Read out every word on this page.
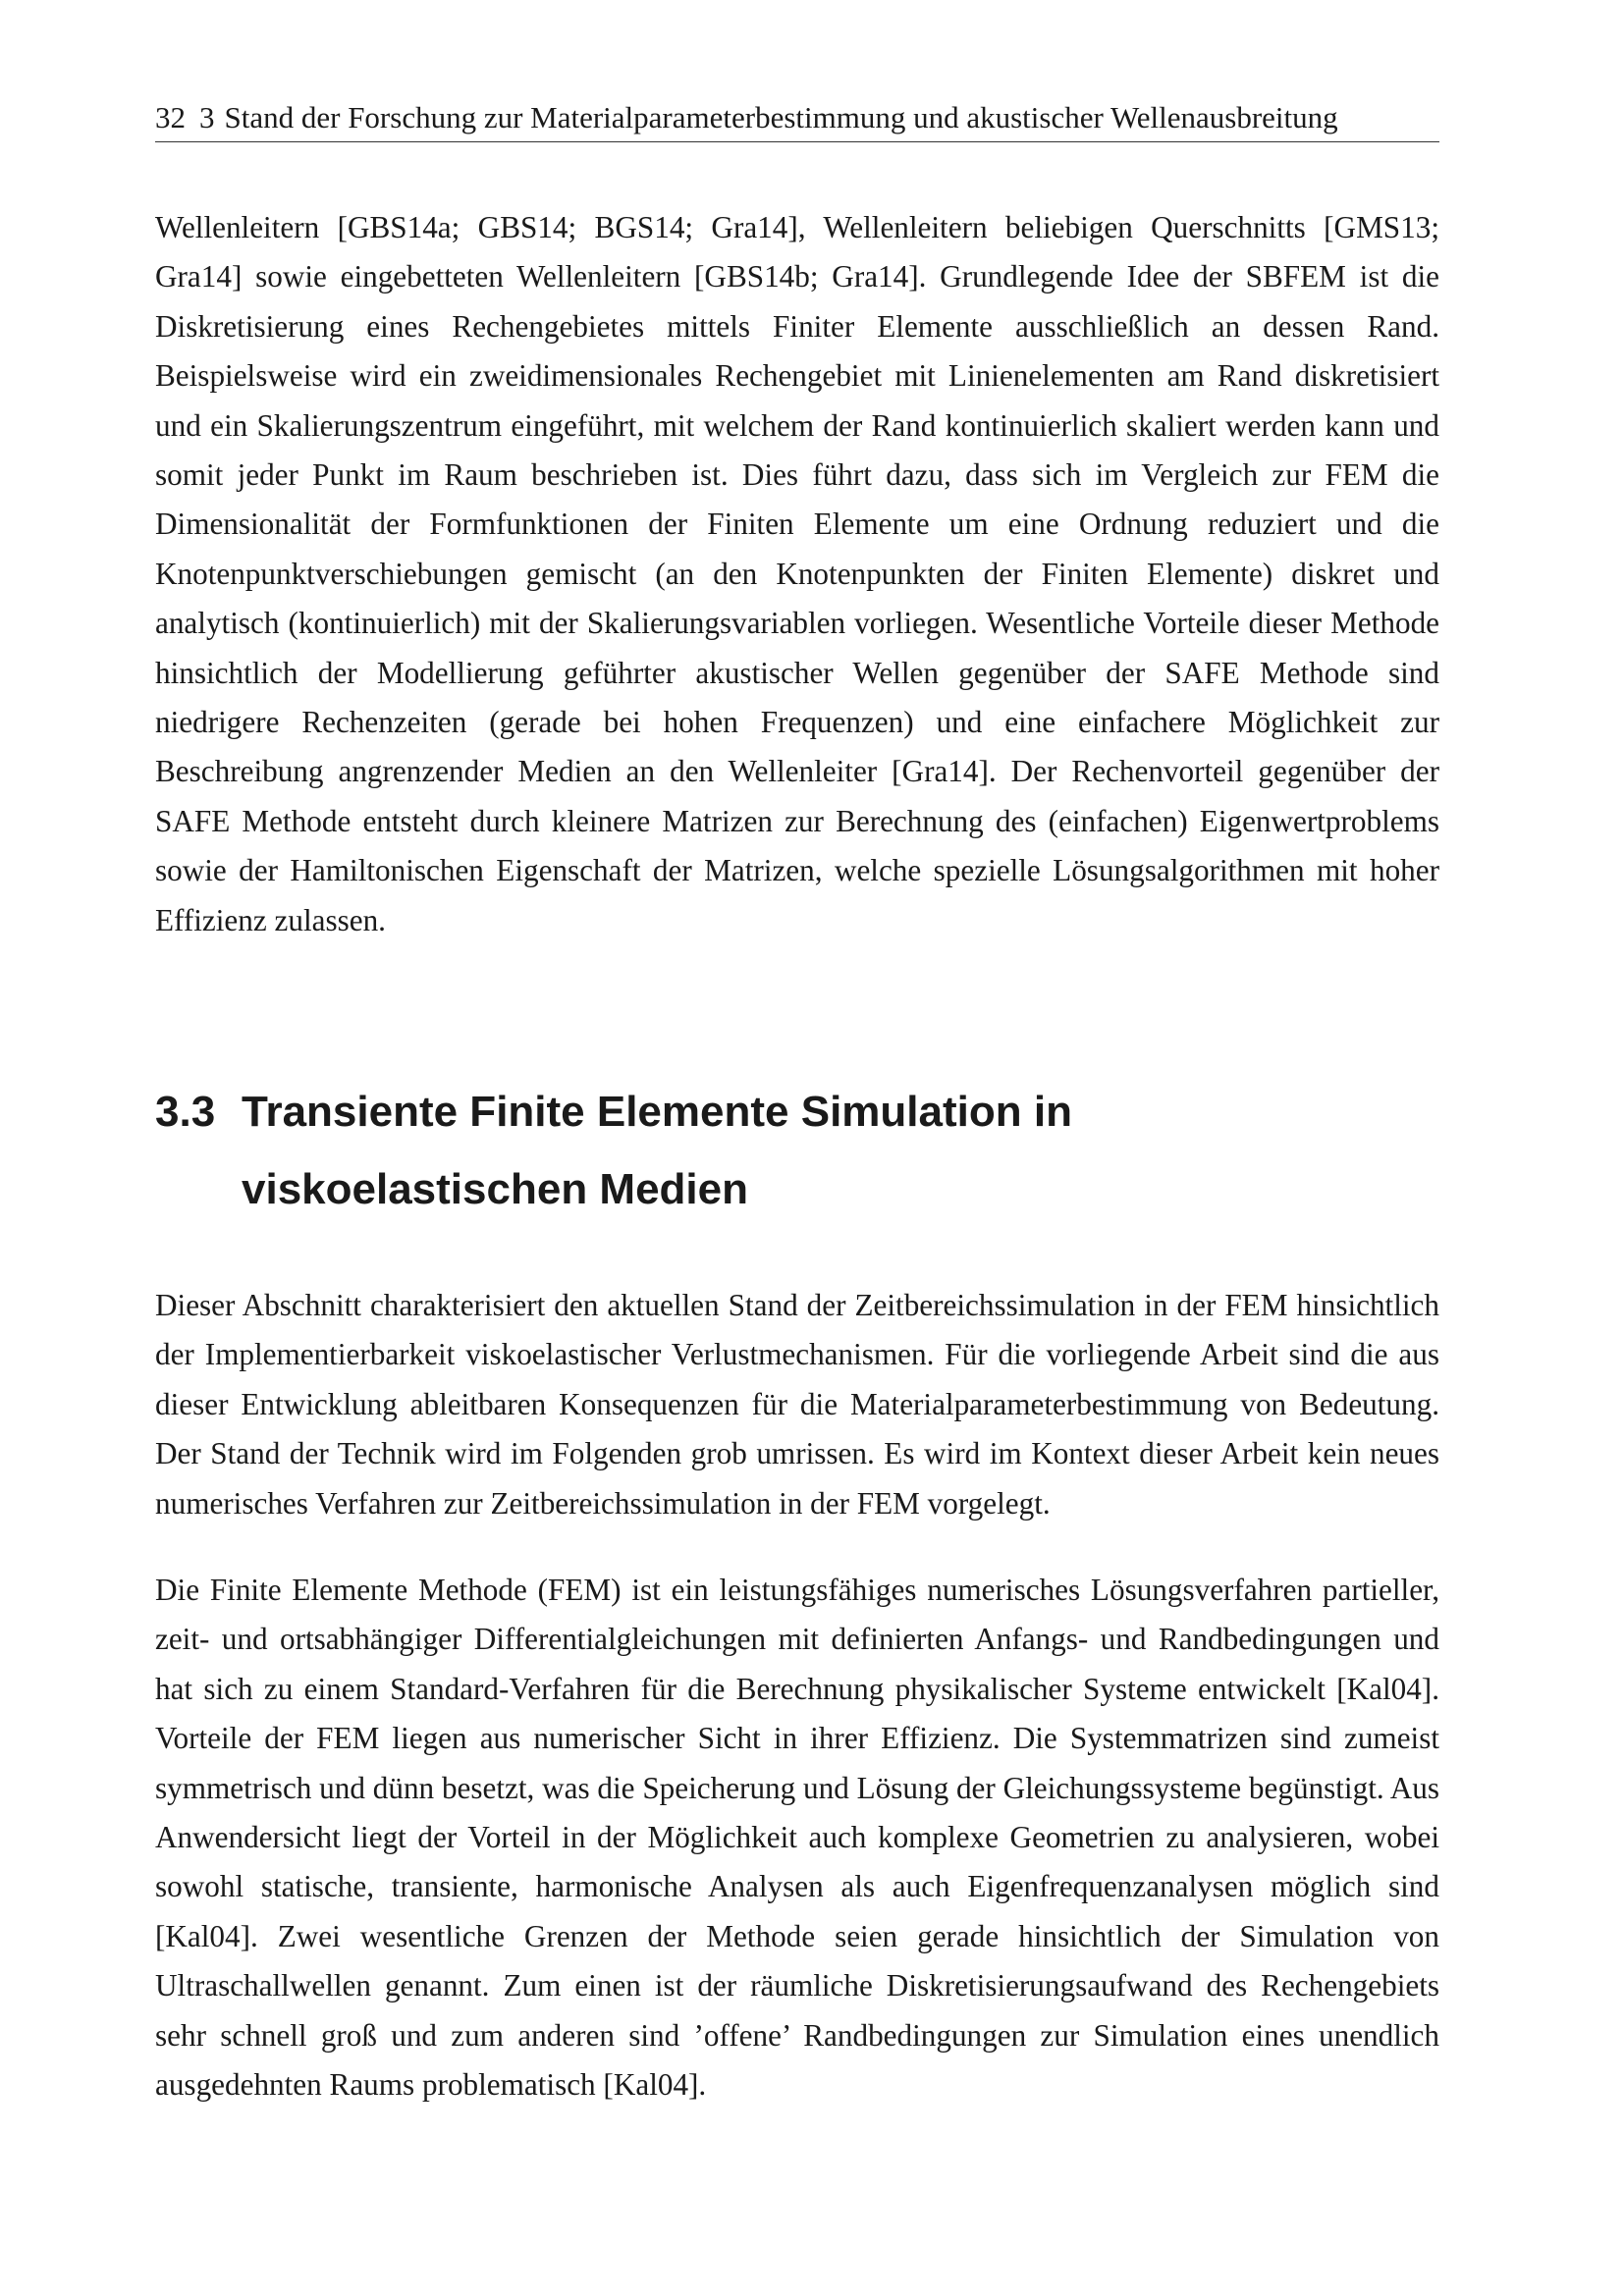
32 3 Stand der Forschung zur Materialparameterbestimmung und akustischer Wellenausbreitung

Wellenleitern [GBS14a; GBS14; BGS14; Gra14], Wellenleitern beliebigen Querschnitts [GMS13; Gra14] sowie eingebetteten Wellenleitern [GBS14b; Gra14]. Grundlegende Idee der SBFEM ist die Diskretisierung eines Rechengebietes mittels Finiter Elemente ausschließlich an dessen Rand. Beispielsweise wird ein zweidimensionales Rechengebiet mit Linienelementen am Rand diskretisiert und ein Skalierungszentrum eingeführt, mit welchem der Rand kontinuierlich skaliert werden kann und somit jeder Punkt im Raum beschrieben ist. Dies führt dazu, dass sich im Vergleich zur FEM die Dimensionalität der Formfunktionen der Finiten Elemente um eine Ordnung reduziert und die Knotenpunktverschiebungen gemischt (an den Knotenpunkten der Finiten Elemente) diskret und analytisch (kontinuierlich) mit der Skalierungsvariablen vorliegen. Wesentliche Vorteile dieser Methode hinsichtlich der Modellierung geführter akustischer Wellen gegenüber der SAFE Methode sind niedrigere Rechenzeiten (gerade bei hohen Frequenzen) und eine einfachere Möglichkeit zur Beschreibung angrenzender Medien an den Wellenleiter [Gra14]. Der Rechenvorteil gegenüber der SAFE Methode entsteht durch kleinere Matrizen zur Berechnung des (einfachen) Eigenwertproblems sowie der Hamiltonischen Eigenschaft der Matrizen, welche spezielle Lösungsalgorithmen mit hoher Effizienz zulassen.

3.3 Transiente Finite Elemente Simulation in
viskoelastischen Medien

Dieser Abschnitt charakterisiert den aktuellen Stand der Zeitbereichssimulation in der FEM hinsichtlich der Implementierbarkeit viskoelastischer Verlustmechanismen. Für die vorliegende Arbeit sind die aus dieser Entwicklung ableitbaren Konsequenzen für die Materialparameterbestimmung von Bedeutung. Der Stand der Technik wird im Folgenden grob umrissen. Es wird im Kontext dieser Arbeit kein neues numerisches Verfahren zur Zeitbereichssimulation in der FEM vorgelegt.

Die Finite Elemente Methode (FEM) ist ein leistungsfähiges numerisches Lösungsverfahren partieller, zeit- und ortsabhängiger Differentialgleichungen mit definierten Anfangs- und Randbedingungen und hat sich zu einem Standard-Verfahren für die Berechnung physikalischer Systeme entwickelt [Kal04]. Vorteile der FEM liegen aus numerischer Sicht in ihrer Effizienz. Die Systemmatrizen sind zumeist symmetrisch und dünn besetzt, was die Speicherung und Lösung der Gleichungssysteme begünstigt. Aus Anwendersicht liegt der Vorteil in der Möglichkeit auch komplexe Geometrien zu analysieren, wobei sowohl statische, transiente, harmonische Analysen als auch Eigenfrequenzanalysen möglich sind [Kal04]. Zwei wesentliche Grenzen der Methode seien gerade hinsichtlich der Simulation von Ultraschallwellen genannt. Zum einen ist der räumliche Diskretisierungsaufwand des Rechengebiets sehr schnell groß und zum anderen sind ’offene’ Randbedingungen zur Simulation eines unendlich ausgedehnten Raums problematisch [Kal04].
